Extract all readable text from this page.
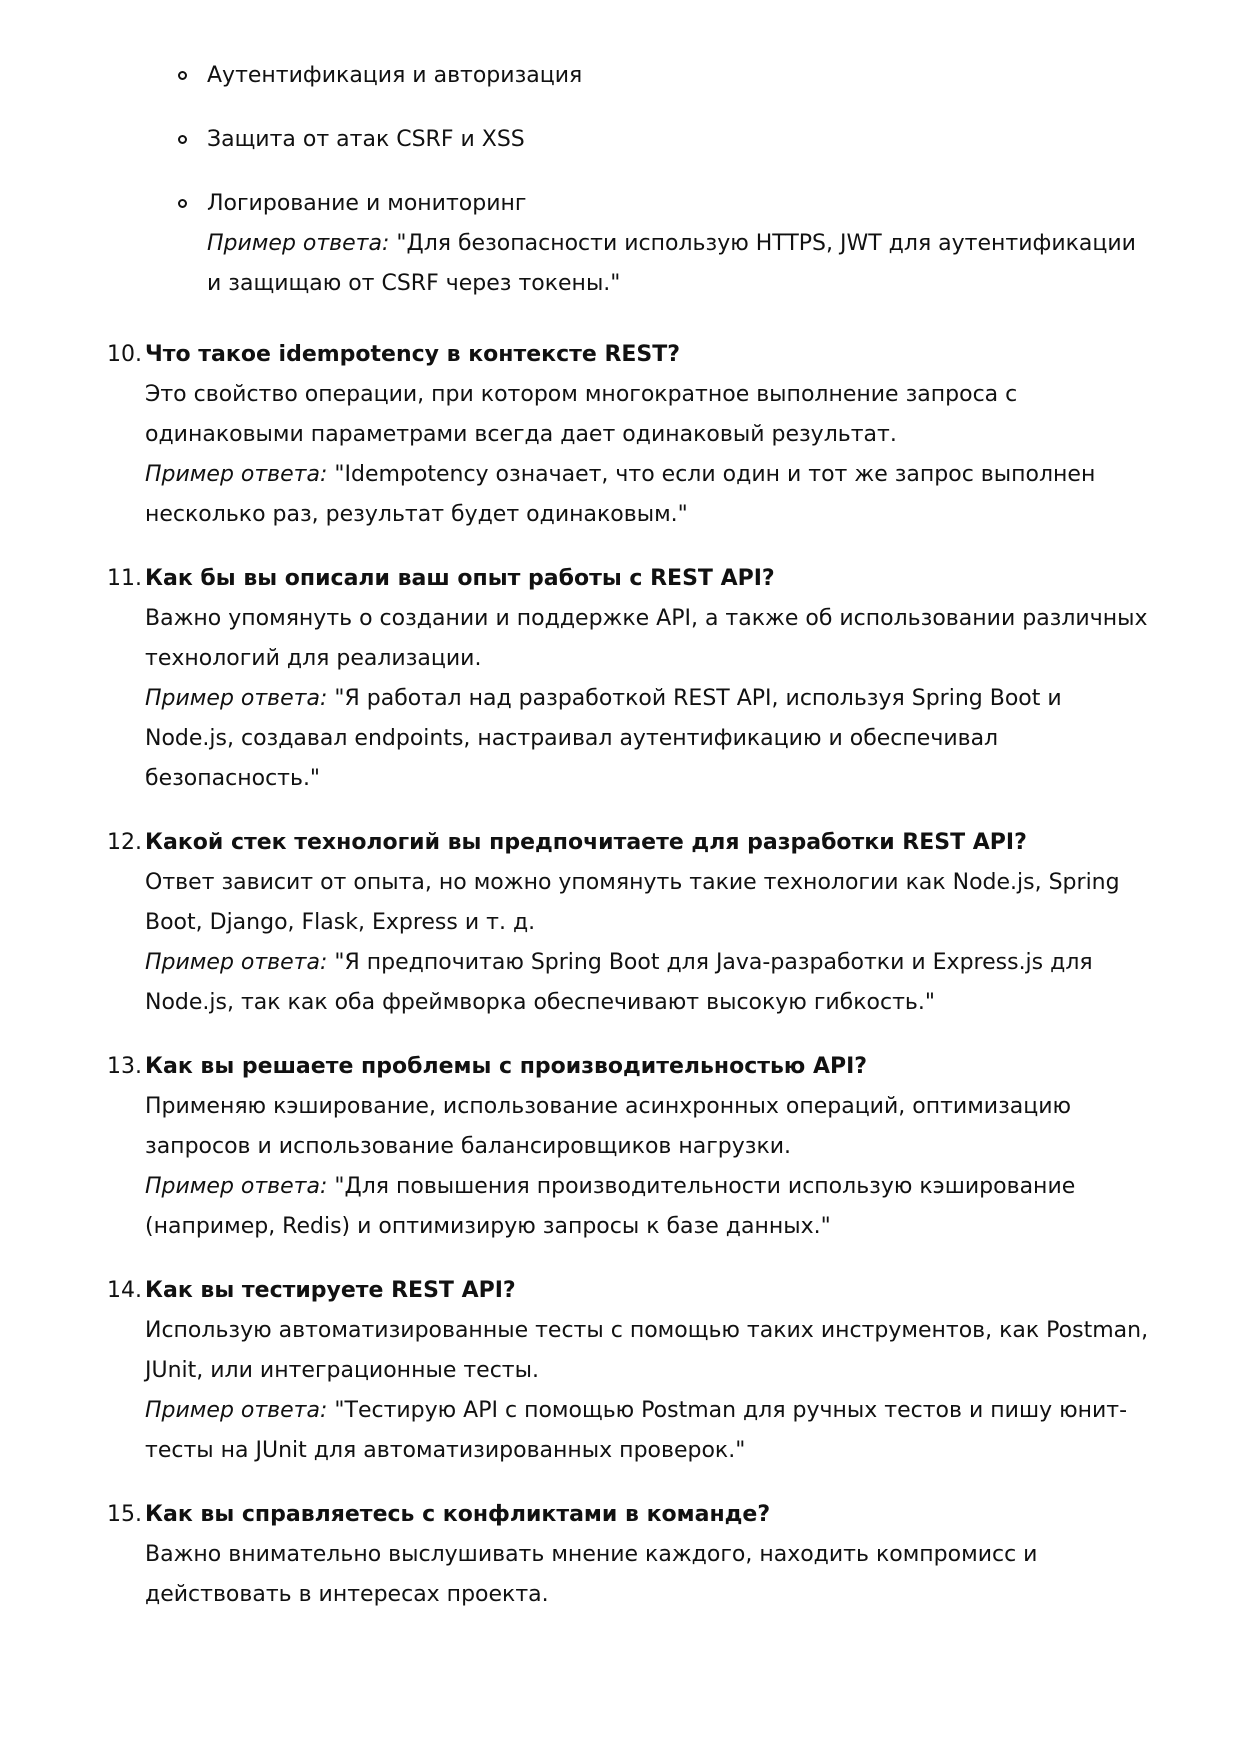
Аутентификация и авторизация
Защита от атак CSRF и XSS
Логирование и мониторинг
Пример ответа: "Для безопасности использую HTTPS, JWT для аутентификации
и защищаю от CSRF через токены."
10. Что такое idempotency в контексте REST?
Это свойство операции, при котором многократное выполнение запроса с
одинаковыми параметрами всегда дает одинаковый результат.
Пример ответа: "Idempotency означает, что если один и тот же запрос выполнен
несколько раз, результат будет одинаковым."
11. Как бы вы описали ваш опыт работы с REST API?
Важно упомянуть о создании и поддержке API, а также об использовании различных
технологий для реализации.
Пример ответа: "Я работал над разработкой REST API, используя Spring Boot и
Node.js, создавал endpoints, настраивал аутентификацию и обеспечивал
безопасность."
12. Какой стек технологий вы предпочитаете для разработки REST API?
Ответ зависит от опыта, но можно упомянуть такие технологии как Node.js, Spring
Boot, Django, Flask, Express и т. д.
Пример ответа: "Я предпочитаю Spring Boot для Java-разработки и Express.js для
Node.js, так как оба фреймворка обеспечивают высокую гибкость."
13. Как вы решаете проблемы с производительностью API?
Применяю кэширование, использование асинхронных операций, оптимизацию
запросов и использование балансировщиков нагрузки.
Пример ответа: "Для повышения производительности использую кэширование
(например, Redis) и оптимизирую запросы к базе данных."
14. Как вы тестируете REST API?
Использую автоматизированные тесты с помощью таких инструментов, как Postman,
JUnit, или интеграционные тесты.
Пример ответа: "Тестирую API с помощью Postman для ручных тестов и пишу юнит-
тесты на JUnit для автоматизированных проверок."
15. Как вы справляетесь с конфликтами в команде?
Важно внимательно выслушивать мнение каждого, находить компромисс и
действовать в интересах проекта.
